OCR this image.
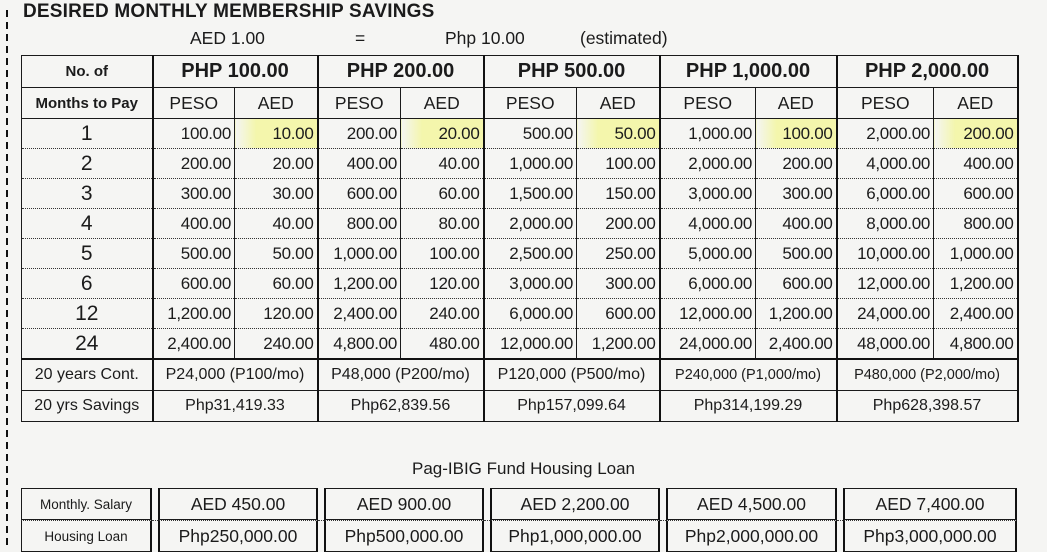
DESIRED MONTHLY MEMBERSHIP SAVINGS
AED 1.00	=	Php 10.00	(estimated)
No. of	PHP 100.00		PHP 200.00		PHP 500.00		PHP 1,000.00		PHP 2,000.00	
Months to Pay	PESO	AED	PESO	AED	PESO	AED	PESO	AED	PESO	AED
1	100.00	10.00	200.00	20.00	500.00	50.00	1,000.00	100.00	2,000.00	200.00
2	200.00	20.00	400.00	40.00	1,000.00	100.00	2,000.00	200.00	4,000.00	400.00
3	300.00	30.00	600.00	60.00	1,500.00	150.00	3,000.00	300.00	6,000.00	600.00
4	400.00	40.00	800.00	80.00	2,000.00	200.00	4,000.00	400.00	8,000.00	800.00
5	500.00	50.00	1,000.00	100.00	2,500.00	250.00	5,000.00	500.00	10,000.00	1,000.00
6	600.00	60.00	1,200.00	120.00	3,000.00	300.00	6,000.00	600.00	12,000.00	1,200.00
12	1,200.00	120.00	2,400.00	240.00	6,000.00	600.00	12,000.00	1,200.00	24,000.00	2,400.00
24	2,400.00	240.00	4,800.00	480.00	12,000.00	1,200.00	24,000.00	2,400.00	48,000.00	4,800.00
20 years Cont.	P24,000 (P100/mo)		P48,000 (P200/mo)		P120,000 (P500/mo)		P240,000 (P1,000/mo)		P480,000 (P2,000/mo)	
20 yrs Savings	Php31,419.33		Php62,839.56		Php157,099.64		Php314,199.29		Php628,398.57	
Pag-IBIG Fund Housing Loan
Monthly. Salary		AED 450.00		AED 900.00		AED 2,200.00		AED 4,500.00		AED 7,400.00
Housing Loan		Php250,000.00		Php500,000.00		Php1,000,000.00		Php2,000,000.00		Php3,000,000.00
